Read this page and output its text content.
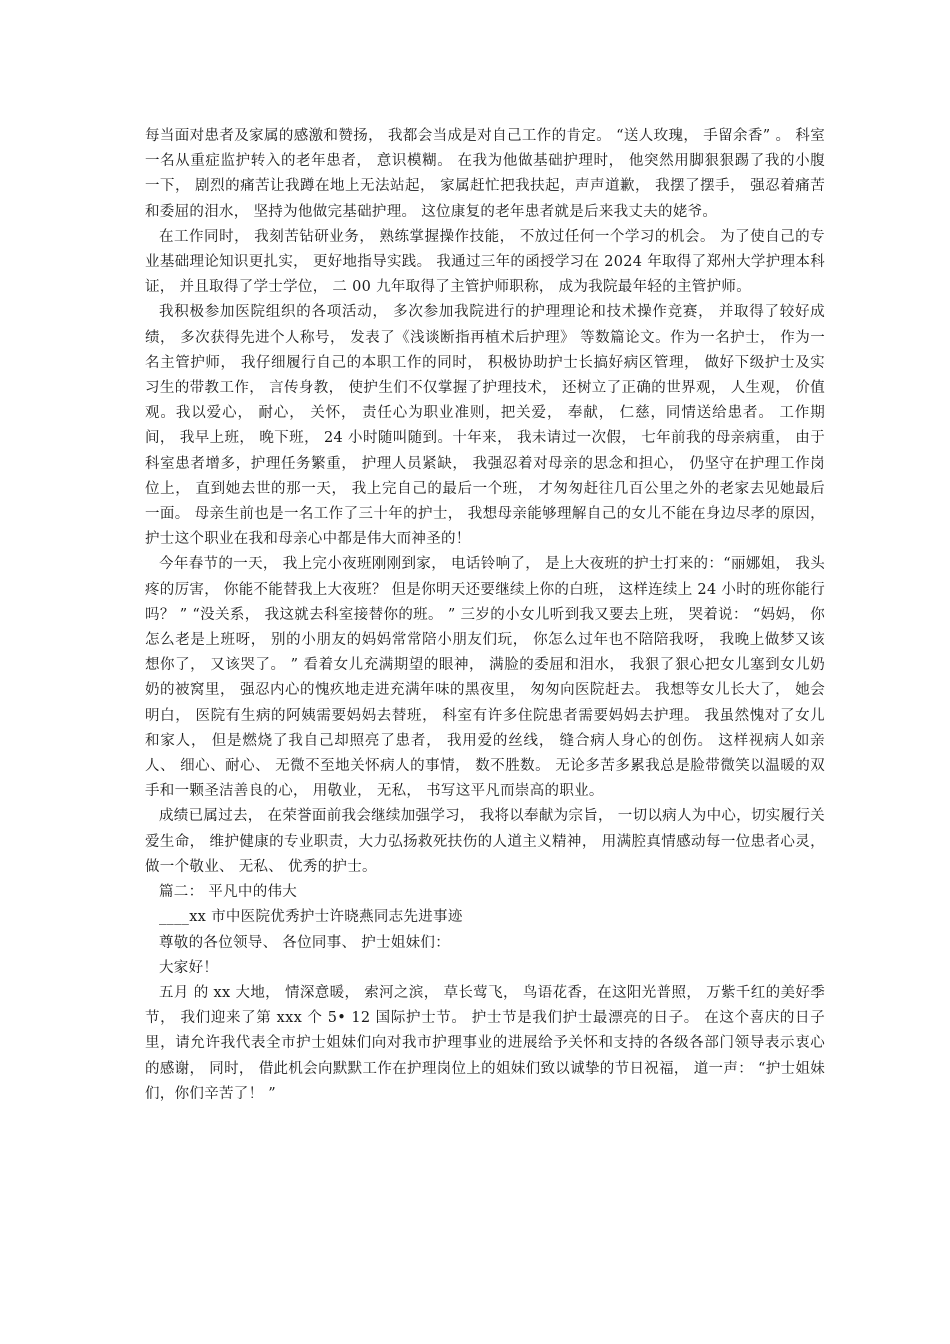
每当面对患者及家属的感激和赞扬， 我都会当成是对自己工作的肯定。 “送人玫瑰， 手留余香” 。 科室一名从重症监护转入的老年患者， 意识模糊。 在我为他做基础护理时， 他突然用脚狠狠踢了我的小腹一下， 剧烈的痛苦让我蹲在地上无法站起， 家属赶忙把我扶起，声声道歉， 我摆了摆手， 强忍着痛苦和委屈的泪水， 坚持为他做完基础护理。 这位康复的老年患者就是后来我丈夫的姥爷。

在工作同时， 我刻苦钻研业务， 熟练掌握操作技能， 不放过任何一个学习的机会。 为了使自己的专业基础理论知识更扎实， 更好地指导实践。 我通过三年的函授学习在 2024 年取得了郑州大学护理本科证， 并且取得了学士学位， 二 00 九年取得了主管护师职称， 成为我院最年轻的主管护师。

我积极参加医院组织的各项活动， 多次参加我院进行的护理理论和技术操作竞赛， 并取得了较好成绩， 多次获得先进个人称号， 发表了《浅谈断指再植术后护理》 等数篇论文。作为一名护士， 作为一名主管护师， 我仔细履行自己的本职工作的同时， 积极协助护士长搞好病区管理， 做好下级护士及实习生的带教工作， 言传身教， 使护生们不仅掌握了护理技术， 还树立了正确的世界观， 人生观， 价值观。我以爱心， 耐心， 关怀， 责任心为职业准则，把关爱， 奉献， 仁慈，同情送给患者。 工作期间， 我早上班， 晚下班， 24 小时随叫随到。十年来， 我未请过一次假， 七年前我的母亲病重， 由于科室患者增多，护理任务繁重， 护理人员紧缺， 我强忍着对母亲的思念和担心， 仍坚守在护理工作岗位上， 直到她去世的那一天， 我上完自己的最后一个班， 才匆匆赶往几百公里之外的老家去见她最后一面。 母亲生前也是一名工作了三十年的护士， 我想母亲能够理解自己的女儿不能在身边尽孝的原因， 护士这个职业在我和母亲心中都是伟大而神圣的！

今年春节的一天， 我上完小夜班刚刚到家， 电话铃响了， 是上大夜班的护士打来的：“丽娜姐， 我头疼的厉害， 你能不能替我上大夜班？ 但是你明天还要继续上你的白班， 这样连续上 24 小时的班你能行吗？ ” “没关系， 我这就去科室接替你的班。 ” 三岁的小女儿听到我又要去上班， 哭着说： “妈妈， 你怎么老是上班呀， 别的小朋友的妈妈常常陪小朋友们玩， 你怎么过年也不陪陪我呀， 我晚上做梦又该想你了， 又该哭了。 ” 看着女儿充满期望的眼神， 满脸的委屈和泪水， 我狠了狠心把女儿塞到女儿奶奶的被窝里， 强忍内心的愧疚地走进充满年味的黑夜里， 匆匆向医院赶去。 我想等女儿长大了， 她会明白， 医院有生病的阿姨需要妈妈去替班， 科室有许多住院患者需要妈妈去护理。 我虽然愧对了女儿和家人， 但是燃烧了我自己却照亮了患者， 我用爱的丝线， 缝合病人身心的创伤。 这样视病人如亲人、 细心、耐心、 无微不至地关怀病人的事情， 数不胜数。 无论多苦多累我总是脸带微笑以温暖的双手和一颗圣洁善良的心， 用敬业， 无私， 书写这平凡而崇高的职业。

成绩已属过去， 在荣誉面前我会继续加强学习， 我将以奉献为宗旨， 一切以病人为中心，切实履行关爱生命， 维护健康的专业职责，大力弘扬救死扶伤的人道主义精神， 用满腔真情感动每一位患者心灵， 做一个敬业、 无私、 优秀的护士。

篇二： 平凡中的伟大

____xx 市中医院优秀护士许晓燕同志先进事迹

尊敬的各位领导、 各位同事、 护士姐妹们：

大家好！

五月 的 xx 大地， 情深意暖， 索河之滨， 草长莺飞， 鸟语花香，在这阳光普照， 万紫千红的美好季节， 我们迎来了第 xxx 个 5• 12 国际护士节。 护士节是我们护士最漂亮的日子。 在这个喜庆的日子里，请允许我代表全市护士姐妹们向对我市护理事业的进展给予关怀和支持的各级各部门领导表示衷心的感谢， 同时， 借此机会向默默工作在护理岗位上的姐妹们致以诚挚的节日祝福， 道一声： “护士姐妹们，你们辛苦了！ ”
